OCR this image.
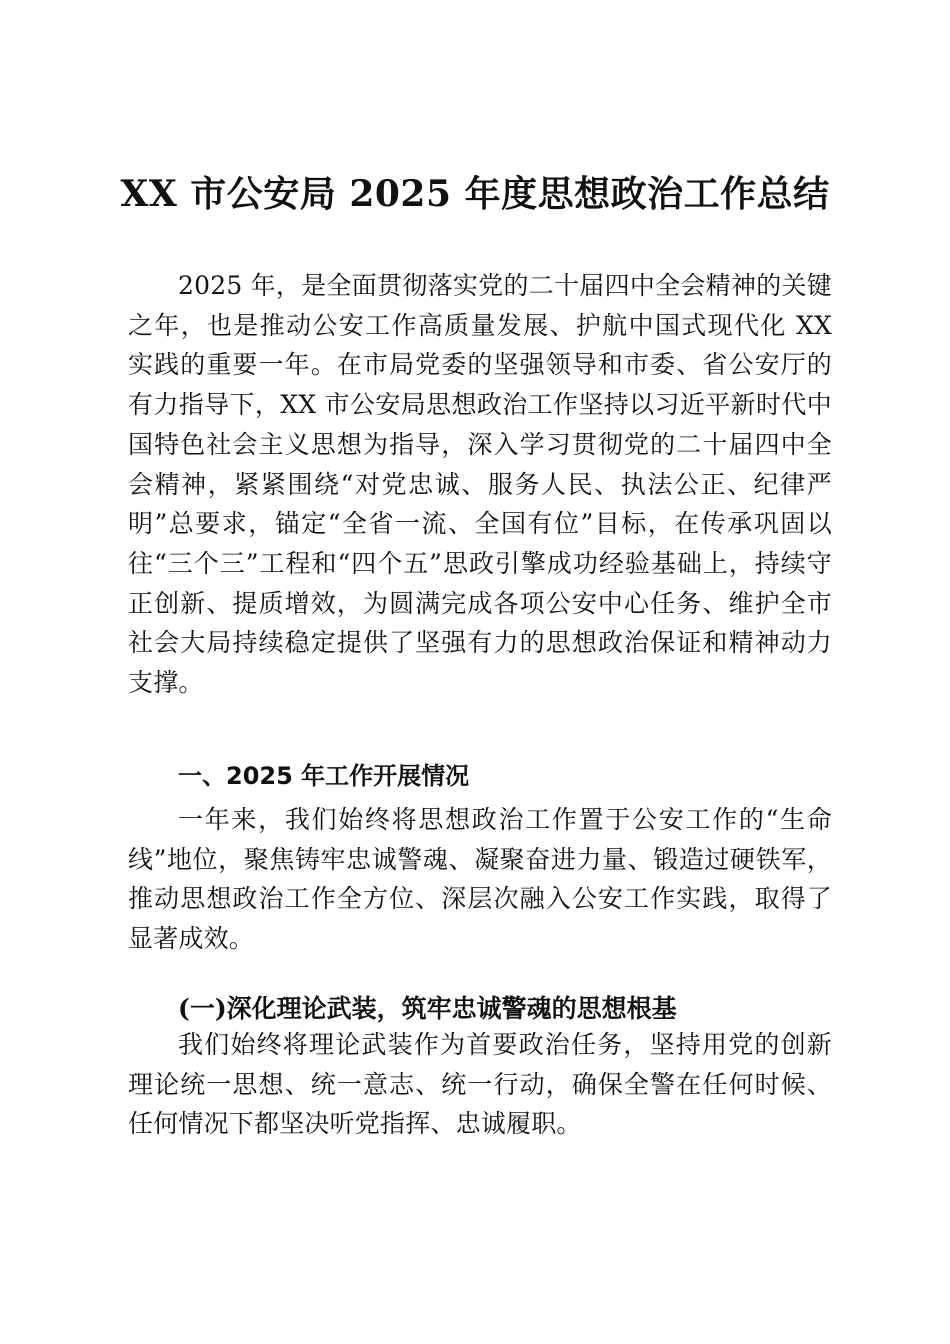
XX 市公安局 2025 年度思想政治工作总结

2025 年，是全面贯彻落实党的二十届四中全会精神的关键之年，也是推动公安工作高质量发展、护航中国式现代化 XX 实践的重要一年。在市局党委的坚强领导和市委、省公安厅的有力指导下，XX 市公安局思想政治工作坚持以习近平新时代中国特色社会主义思想为指导，深入学习贯彻党的二十届四中全会精神，紧紧围绕“对党忠诚、服务人民、执法公正、纪律严明”总要求，锚定“全省一流、全国有位”目标，在传承巩固以往“三个三”工程和“四个五”思政引擎成功经验基础上，持续守正创新、提质增效，为圆满完成各项公安中心任务、维护全市社会大局持续稳定提供了坚强有力的思想政治保证和精神动力支撑。

一、2025 年工作开展情况

一年来，我们始终将思想政治工作置于公安工作的“生命线”地位，聚焦铸牢忠诚警魂、凝聚奋进力量、锻造过硬铁军，推动思想政治工作全方位、深层次融入公安工作实践，取得了显著成效。

(一)深化理论武装，筑牢忠诚警魂的思想根基

我们始终将理论武装作为首要政治任务，坚持用党的创新理论统一思想、统一意志、统一行动，确保全警在任何时候、任何情况下都坚决听党指挥、忠诚履职。
